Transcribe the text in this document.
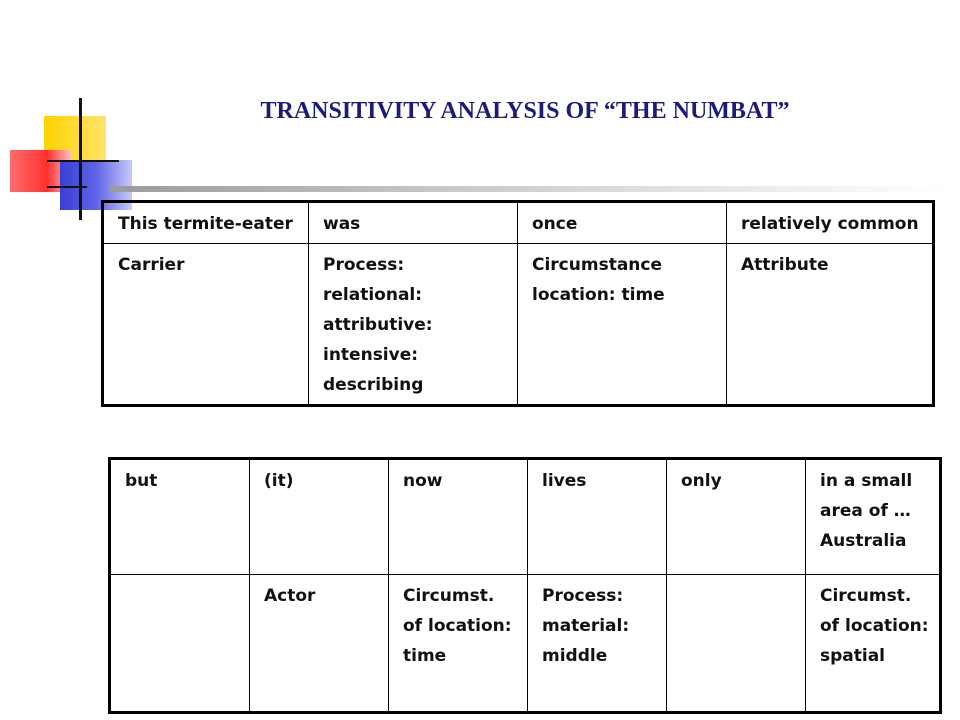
TRANSITIVITY ANALYSIS OF “THE NUMBAT”
This termite-eater	was	once	relatively common
Carrier	Process: relational: attributive: intensive: describing	Circumstance location: time	Attribute
but	(it)	now	lives	only	in a small area of … Australia
	Actor	Circumst. of location: time	Process: material: middle		Circumst. of location: spatial
